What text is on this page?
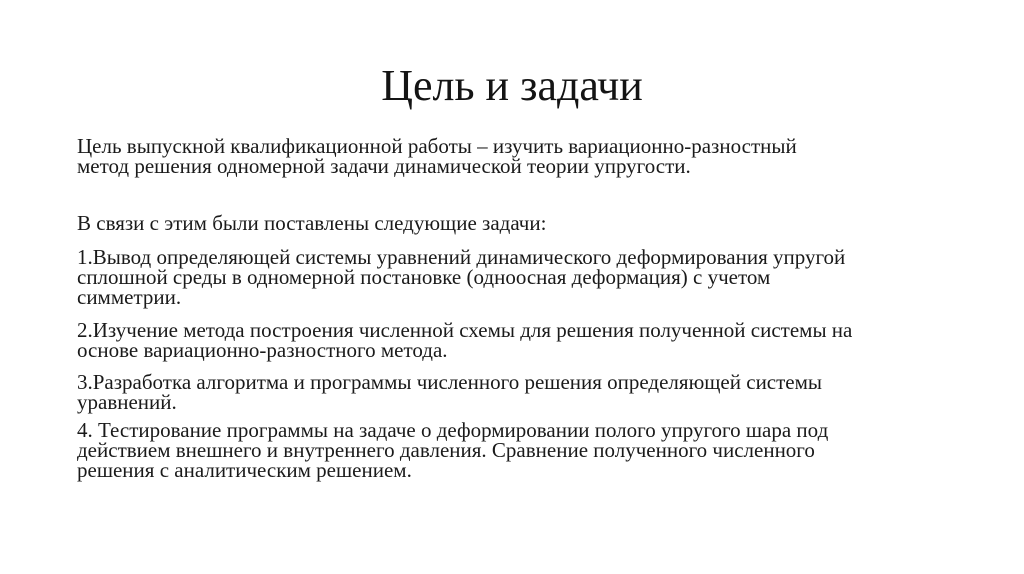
Цель и задачи

Цель выпускной квалификационной работы – изучить вариационно-разностный
метод решения одномерной задачи динамической теории упругости.

В связи с этим были поставлены следующие задачи:

1.Вывод определяющей системы уравнений динамического деформирования упругой
сплошной среды в одномерной постановке (одноосная деформация) с учетом
симметрии.

2.Изучение метода построения численной схемы для решения полученной системы на
основе вариационно-разностного метода.

3.Разработка алгоритма и программы численного решения определяющей системы
уравнений.

4. Тестирование программы на задаче о деформировании полого упругого шара под
действием внешнего и внутреннего давления. Сравнение полученного численного
решения с аналитическим решением.
